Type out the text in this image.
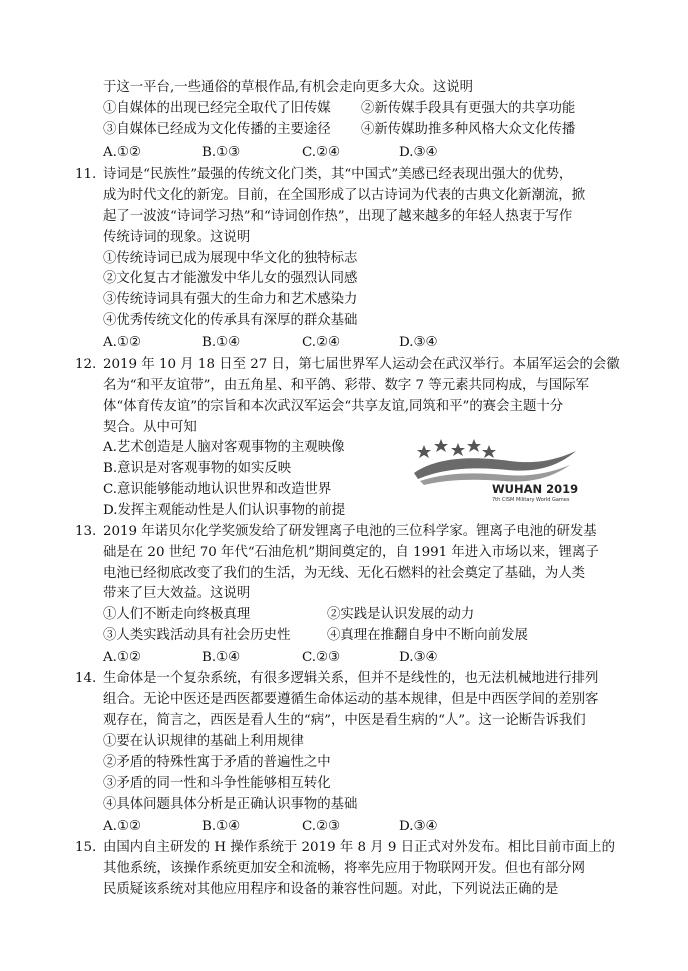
于这一平台,一些通俗的草根作品,有机会走向更多大众。这说明
①自媒体的出现已经完全取代了旧传媒 ②新传媒手段具有更强大的共享功能
③自媒体已经成为文化传播的主要途径 ④新传媒助推多种风格大众文化传播
A.①②	B.①③	C.②④	D.③④
11. 诗词是“民族性”最强的传统文化门类，其“中国式”美感已经表现出强大的优势，
成为时代文化的新宠。目前，在全国形成了以古诗词为代表的古典文化新潮流，掀
起了一波波“诗词学习热”和“诗词创作热”，出现了越来越多的年轻人热衷于写作
传统诗词的现象。这说明
①传统诗词已成为展现中华文化的独特标志
②文化复古才能激发中华儿女的强烈认同感
③传统诗词具有强大的生命力和艺术感染力
④优秀传统文化的传承具有深厚的群众基础
A.①②	B.①④	C.②④	D.③④
12. 2019 年 10 月 18 日至 27 日，第七届世界军人运动会在武汉举行。本届军运会的会徽
名为“和平友谊带”，由五角星、和平鸽、彩带、数字 7 等元素共同构成，与国际军
体“体育传友谊”的宗旨和本次武汉军运会“共享友谊,同筑和平”的赛会主题十分
契合。从中可知
A.艺术创造是人脑对客观事物的主观映像
B.意识是对客观事物的如实反映
C.意识能够能动地认识世界和改造世界
D.发挥主观能动性是人们认识事物的前提
WUHAN 2019
7th CISM Military World Games
13. 2019 年诺贝尔化学奖颁发给了研发锂离子电池的三位科学家。锂离子电池的研发基
础是在 20 世纪 70 年代“石油危机”期间奠定的，自 1991 年进入市场以来，锂离子
电池已经彻底改变了我们的生活，为无线、无化石燃料的社会奠定了基础，为人类
带来了巨大效益。这说明
①人们不断走向终极真理	②实践是认识发展的动力
③人类实践活动具有社会历史性	④真理在推翻自身中不断向前发展
A.①②	B.①④	C.②③	D.③④
14. 生命体是一个复杂系统，有很多逻辑关系，但并不是线性的，也无法机械地进行排列
组合。无论中医还是西医都要遵循生命体运动的基本规律，但是中西医学间的差别客
观存在，简言之，西医是看人生的“病”，中医是看生病的“人”。这一论断告诉我们
①要在认识规律的基础上利用规律
②矛盾的特殊性寓于矛盾的普遍性之中
③矛盾的同一性和斗争性能够相互转化
④具体问题具体分析是正确认识事物的基础
A.①②	B.①④	C.②③	D.③④
15. 由国内自主研发的 H 操作系统于 2019 年 8 月 9 日正式对外发布。相比目前市面上的
其他系统，该操作系统更加安全和流畅，将率先应用于物联网开发。但也有部分网
民质疑该系统对其他应用程序和设备的兼容性问题。对此，下列说法正确的是
